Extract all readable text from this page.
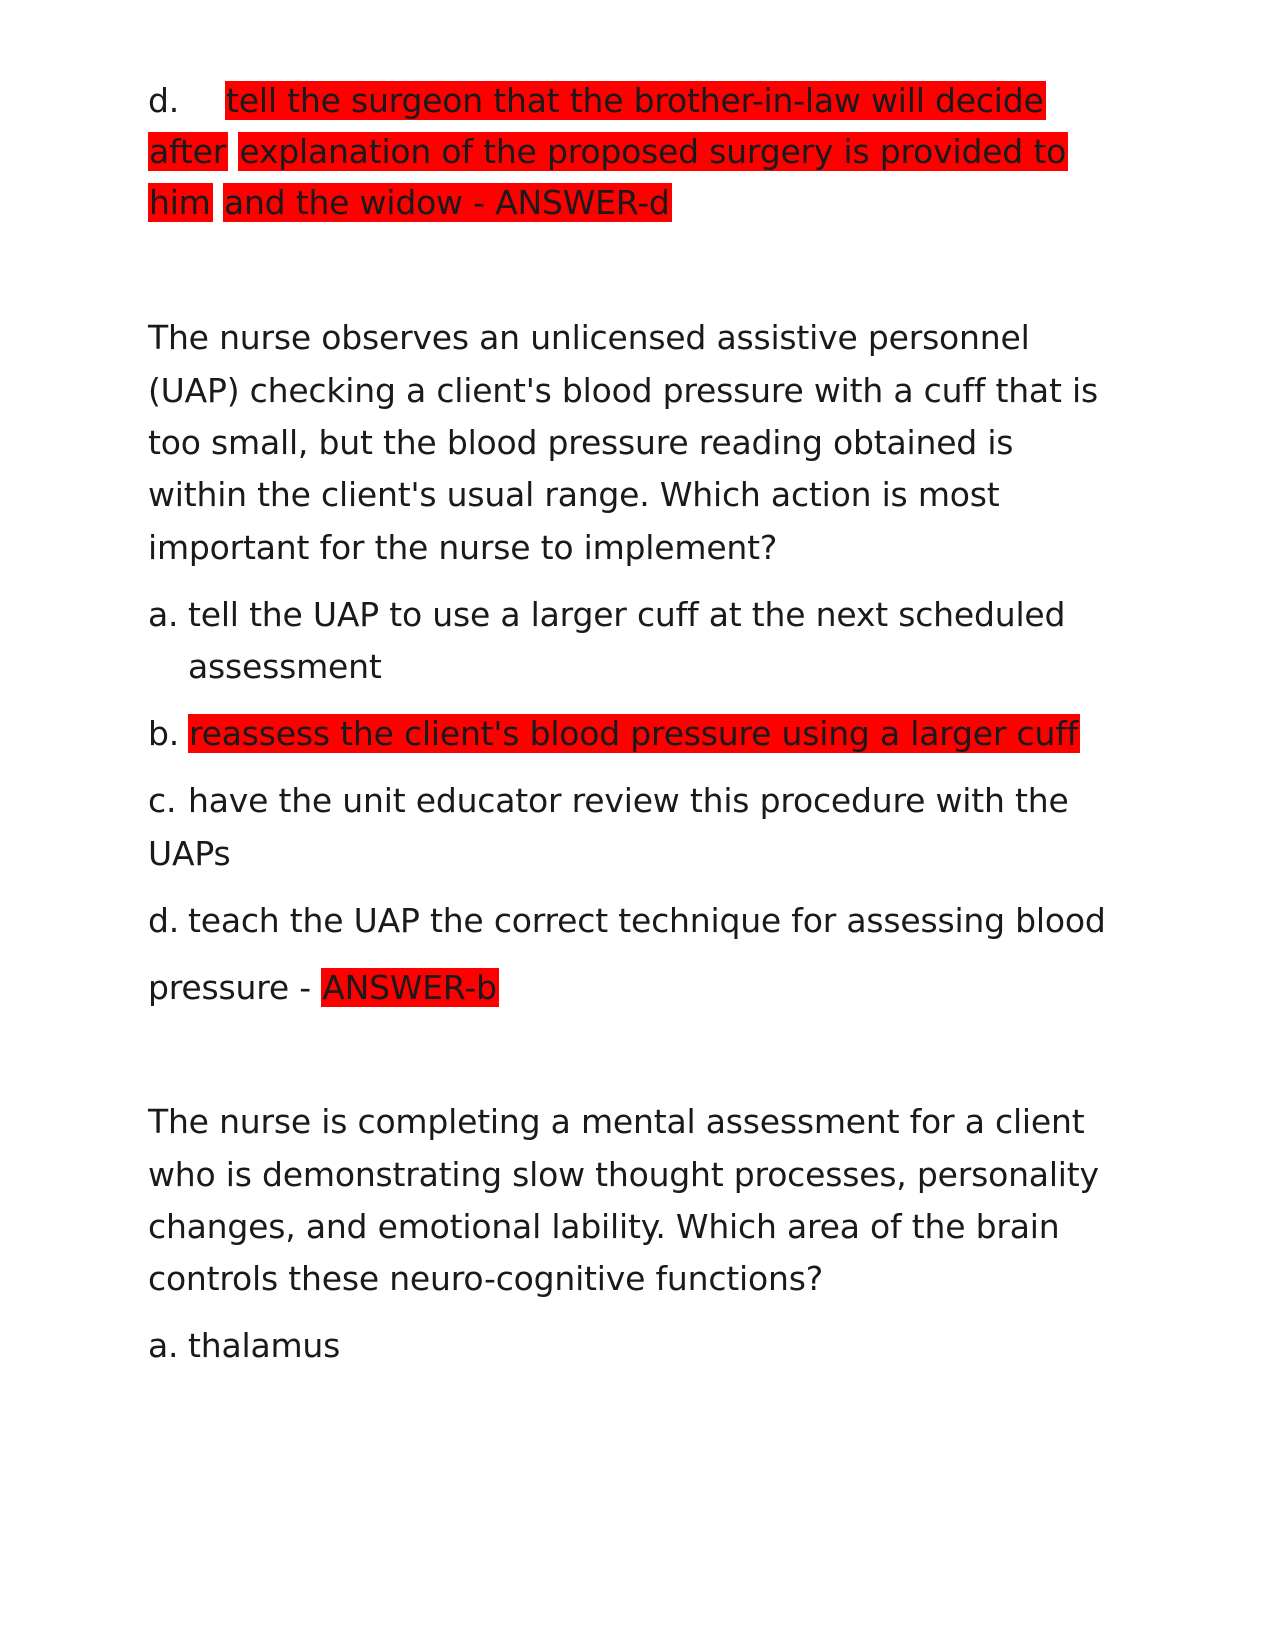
d. tell the surgeon that the brother-in-law will decide
after explanation of the proposed surgery is provided to
him and the widow - ANSWER-d
The nurse observes an unlicensed assistive personnel
(UAP) checking a client's blood pressure with a cuff that is
too small, but the blood pressure reading obtained is
within the client's usual range. Which action is most
important for the nurse to implement?
a. tell the UAP to use a larger cuff at the next scheduled
assessment
b. reassess the client's blood pressure using a larger cuff
c. have the unit educator review this procedure with the
UAPs
d. teach the UAP the correct technique for assessing blood
pressure - ANSWER-b
The nurse is completing a mental assessment for a client
who is demonstrating slow thought processes, personality
changes, and emotional lability. Which area of the brain
controls these neuro-cognitive functions?
a. thalamus
